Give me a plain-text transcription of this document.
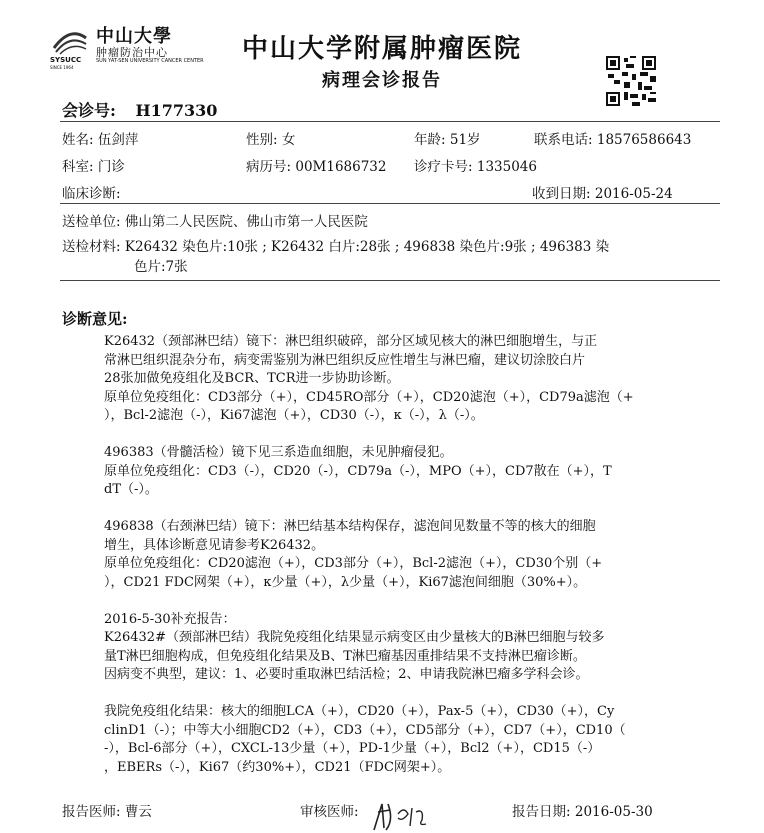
中山大學
肿瘤防治中心
SUN YAT-SEN UNIVERSITY CANCER CENTER
SYSUCC
SINCE 1964
中山大学附属肿瘤医院
病理会诊报告
会诊号: H177330
姓名: 伍剑萍	性别: 女	年龄: 51岁	联系电话: 18576586643
科室: 门诊	病历号: 00M1686732 诊疗卡号: 1335046
临床诊断:	收到日期: 2016-05-24
送检单位: 佛山第二人民医院、佛山市第一人民医院
送检材料: K26432 染色片:10张 ; K26432 白片:28张 ; 496838 染色片:9张 ; 496383 染
色片:7张
诊断意见:
K26432（颈部淋巴结）镜下：淋巴组织破碎，部分区域见核大的淋巴细胞增生，与正
常淋巴组织混杂分布，病变需鉴别为淋巴组织反应性增生与淋巴瘤，建议切涂胶白片
28张加做免疫组化及BCR、TCR进一步协助诊断。
原单位免疫组化：CD3部分（+），CD45RO部分（+），CD20滤泡（+），CD79a滤泡（+
），Bcl-2滤泡（-），Ki67滤泡（+），CD30（-），κ（-），λ（-）。
496383（骨髓活检）镜下见三系造血细胞，未见肿瘤侵犯。
原单位免疫组化：CD3（-），CD20（-），CD79a（-），MPO（+），CD7散在（+），T
dT（-）。
496838（右颈淋巴结）镜下：淋巴结基本结构保存，滤泡间见数量不等的核大的细胞
增生，具体诊断意见请参考K26432。
原单位免疫组化：CD20滤泡（+），CD3部分（+），Bcl-2滤泡（+），CD30个别（+
），CD21 FDC网架（+），κ少量（+），λ少量（+），Ki67滤泡间细胞（30%+）。
2016-5-30补充报告：
K26432#（颈部淋巴结）我院免疫组化结果显示病变区由少量核大的B淋巴细胞与较多
量T淋巴细胞构成，但免疫组化结果及B、T淋巴瘤基因重排结果不支持淋巴瘤诊断。
因病变不典型，建议：1、必要时重取淋巴结活检；2、申请我院淋巴瘤多学科会诊。
我院免疫组化结果：核大的细胞LCA（+），CD20（+），Pax-5（+），CD30（+），Cy
clinD1（-）；中等大小细胞CD2（+），CD3（+），CD5部分（+），CD7（+），CD10（
-），Bcl-6部分（+），CXCL-13少量（+），PD-1少量（+），Bcl2（+），CD15（-）
，EBERs（-），Ki67（约30%+），CD21（FDC网架+）。
报告医师: 曹云	审核医师:	报告日期: 2016-05-30
